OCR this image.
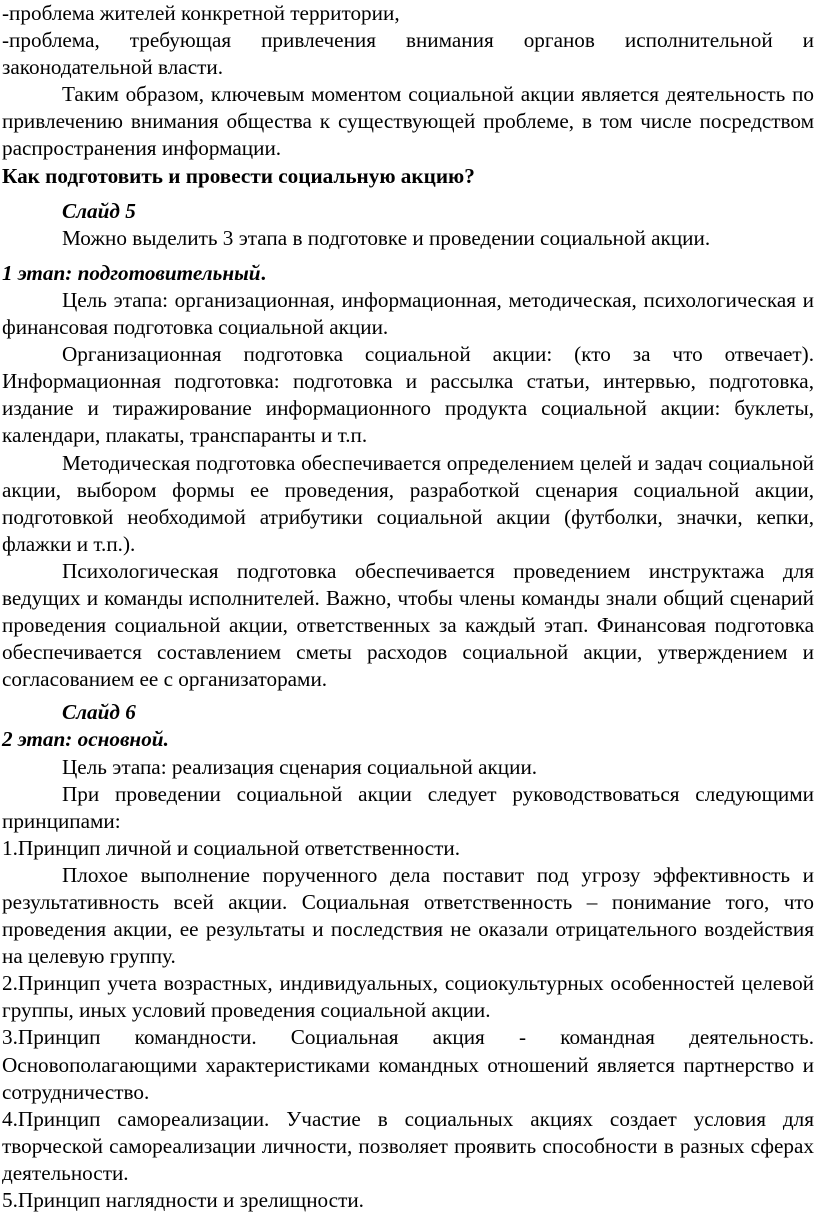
-проблема жителей конкретной территории,

-проблема, требующая привлечения внимания органов исполнительной и законодательной власти.

Таким образом, ключевым моментом социальной акции является деятельность по привлечению внимания общества к существующей проблеме, в том числе посредством распространения информации.

Как подготовить и провести социальную акцию?

Слайд 5

Можно выделить 3 этапа в подготовке и проведении социальной акции.

1 этап: подготовительный.

Цель этапа: организационная, информационная, методическая, психологическая и финансовая подготовка социальной акции.

Организационная подготовка социальной акции: (кто за что отвечает). Информационная подготовка: подготовка и рассылка статьи, интервью, подготовка, издание и тиражирование информационного продукта социальной акции: буклеты, календари, плакаты, транспаранты и т.п.

Методическая подготовка обеспечивается определением целей и задач социальной акции, выбором формы ее проведения, разработкой сценария социальной акции, подготовкой необходимой атрибутики социальной акции (футболки, значки, кепки, флажки и т.п.).

Психологическая подготовка обеспечивается проведением инструктажа для ведущих и команды исполнителей. Важно, чтобы члены команды знали общий сценарий проведения социальной акции, ответственных за каждый этап. Финансовая подготовка обеспечивается составлением сметы расходов социальной акции, утверждением и согласованием ее с организаторами.

Слайд 6

2 этап: основной.

Цель этапа: реализация сценария социальной акции.

При проведении социальной акции следует руководствоваться следующими принципами:

1.Принцип личной и социальной ответственности.

Плохое выполнение порученного дела поставит под угрозу эффективность и результативность всей акции. Социальная ответственность – понимание того, что проведения акции, ее результаты и последствия не оказали отрицательного воздействия на целевую группу.

2.Принцип учета возрастных, индивидуальных, социокультурных особенностей целевой группы, иных условий проведения социальной акции.

3.Принцип командности. Социальная акция - командная деятельность. Основополагающими характеристиками командных отношений является партнерство и сотрудничество.

4.Принцип самореализации. Участие в социальных акциях создает условия для творческой самореализации личности, позволяет проявить способности в разных сферах деятельности.

5.Принцип наглядности и зрелищности.
